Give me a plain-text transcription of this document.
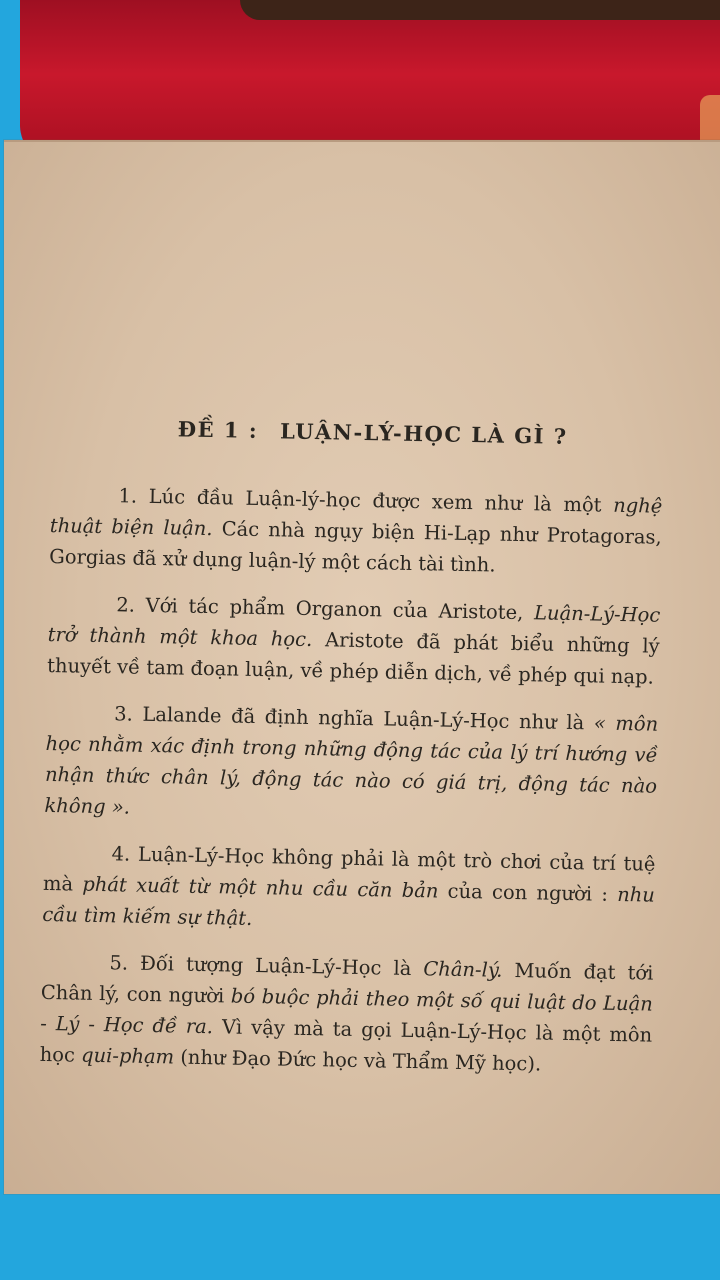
ĐỀ 1 : LUẬN-LÝ-HỌC LÀ GÌ ?

1. Lúc đầu Luận-lý-học được xem như là một nghệ thuật biện luận. Các nhà ngụy biện Hi-Lạp như Protagoras, Gorgias đã xử dụng luận-lý một cách tài tình.

2. Với tác phẩm Organon của Aristote, Luận-Lý-Học trở thành một khoa học. Aristote đã phát biểu những lý thuyết về tam đoạn luận, về phép diễn dịch, về phép qui nạp.

3. Lalande đã định nghĩa Luận-Lý-Học như là « môn học nhằm xác định trong những động tác của lý trí hướng về nhận thức chân lý, động tác nào có giá trị, động tác nào không ».

4. Luận-Lý-Học không phải là một trò chơi của trí tuệ mà phát xuất từ một nhu cầu căn bản của con người : nhu cầu tìm kiếm sự thật.

5. Đối tượng Luận-Lý-Học là Chân-lý. Muốn đạt tới Chân lý, con người bó buộc phải theo một số qui luật do Luận - Lý - Học đề ra. Vì vậy mà ta gọi Luận-Lý-Học là một môn học qui-phạm (như Đạo Đức học và Thẩm Mỹ học).
